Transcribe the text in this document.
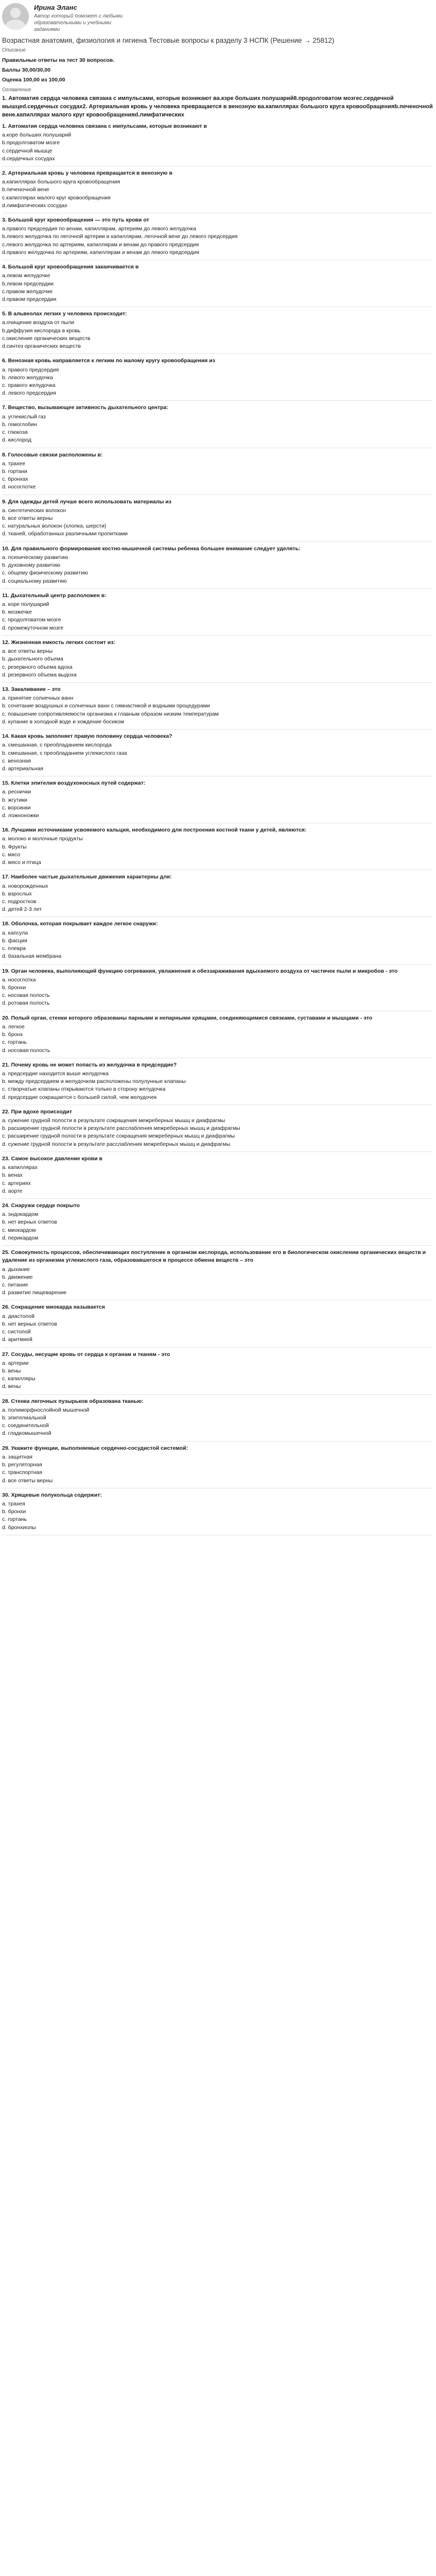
Ирина Эланс
Автор который поможет с любыми образовательными и учебными заданиями
Возрастная анатомия, физиология и гигиена Тестовые вопросы к разделу 3 НСПК (Решение → 25812)
Описание
Правильные ответы на тест 30 вопросов.
Баллы 30,00/30,00
Оценка 100,00 из 100,00
Оглавление
1. Автоматия сердца человека связана с импульсами, которые возникают ва.кзре больших полушарий8.продолговатом мозгеc.сердечной мышцеd.сердечных сосудах2. Артериальная кровь у человека превращается в венозную ва.капиллярах большого круга кровообращенияb.печеночной вене.капиллярах малого круг кровообращенияd.лимфатических
1. Автоматия сердца человека связана с импульсами, которые возникают в
a.коре больших полушарий
b.продолговатом мозге
c.сердечной мышце
d.сердечных сосудах
2. Артериальная кровь у человека превращается в венозную в
a.капиллярах большого круга кровообращения
b.печеночной вене
c.капиллярах малого круг кровообращения
d.лимфатических сосудах
3. Большой круг кровообращения — это путь крови от
a.правого предсердия по венам, капиллярам, артериям до левого желудочка
b.левого желудочка по легочной артерии и капиллярам, легочной вене до левого предсердия
c.левого желудочка по артериям, капиллярам и венам до правого предсердия
d.правого желудочка по артериям, капиллярам и венам до левого предсердия
4. Большой круг кровообращения заканчивается в
a.левом желудочке
b.левом предсердии
c.правом желудочке
d.правом предсердии
5. В альвеолах легких у человека происходит:
a.очищение воздуха от пыли
b.диффузия кислорода в кровь
c.окисление органических веществ
d.синтез органических веществ
6. Венозная кровь направляется к легким по малому кругу кровообращения из
a. правого предсердия
b. левого желудочка
c. правого желудочка
d. левого предсердия
7. Вещество, вызывающее активность дыхательного центра:
a. углекислый газ
b. гемоглобин
c. глюкоза
d. кислород
8. Голосовые связки расположены в:
a. трахее
b. гортани
c. бронхах
d. носоглотке
9. Для одежды детей лучше всего использовать материалы из
a. синтетических волокон
b. все ответы верны
c. натуральных волокон (хлопка, шерсти)
d. тканей, обработанных различными пропитками
10. Для правильного формирования костно-мышечной системы ребенка большее внимание следует уделять:
a. психическому развитию
b. духовному развитию
c. общему физическому развитию
d. социальному развитию
11. Дыхательный центр расположен в:
a. коре полушарий
b. мозжечке
c. продолговатом мозге
d. промежуточном мозге
12. Жизненная емкость легких состоит из:
a. все ответы верны
b. дыхательного объема
c. резервного объема вдоха
d. резервного объема выдоха
13. Закаливание – это
a. принятие солнечных ванн
b. сочетание воздушных и солнечных ванн с гимнастикой и водными процедурами
c. повышение сопротивляемости организма к главным образом низким температурам
d. купание в холодной воде и хождение босиком
14. Какая кровь заполняет правую половину сердца человека?
a. смешанная, с преобладанием кислорода
b. смешанная, с преобладанием углекислого газа
c. венозная
d. артериальная
15. Клетки эпителия воздухоносных путей содержат:
a. реснички
b. жгутики
c. ворсинки
d. ложноножки
16. Лучшими источниками усвояемого кальция, необходимого для построения костной ткани у детей, являются:
a. молоко и молочные продукты
b. Фрукты
c. мясо
d. мясо и птица
17. Наиболее частые дыхательные движения характерны для:
a. новорожденных
b. взрослых
c. подростков
d. детей 2-3 лет
18. Оболочка, которая покрывает каждое легкое снаружи:
a. капсула
b. фасция
c. плевра
d. базальная мембрана
19. Орган человека, выполняющий функцию согревания, увлажнения и обеззараживания вдыхаемого воздуха от частичек пыли и микробов - это
a. носоглотка
b. бронхи
c. носовая полость
d. ротовая полость
20. Полый орган, стенки которого образованы парными и непарными хрящами, соединяющимися связками, суставами и мышцами - это
a. легкое
b. бронх
c. гортань
d. носовая полость
21. Почему кровь не может попасть из желудочка в предсердие?
a. предсердие находится выше желудочка
b. между предсердием и желудочком расположены полулунные клапаны
c. створчатые клапаны открываются только в сторону желудочка
d. предсердие сокращается с большей силой, чем желудочек
22. При вдохе происходит
a. сужение грудной полости в результате сокращения межреберных мышц и диафрагмы
b. расширение грудной полости в результате расслабления межреберных мышц и диафрагмы
c. расширение грудной полости в результате сокращения межреберных мышц и диафрагмы
d. сужение грудной полости в результате расслабления межреберных мышц и диафрагмы
23. Самое высокое давление крови в
a. капиллярах
b. венах
c. артериях
d. аорте
24. Снаружи сердце покрыто
a. эндокардом
b. нет верных ответов
c. миокардом
d. перикардом
25. Совокупность процессов, обеспечивающих поступление в организм кислорода, использование его в биологическом окислении органических веществ и удаление из организма углекислого газа, образовавшегося в процессе обмена веществ – это
a. дыхание
b. движение
c. питание
d. развитие пищеварение
26. Сокращение миокарда называется
a. диастолой
b. нет верных ответов
c. систолой
d. аритмией
27. Сосуды, несущие кровь от сердца к органам и тканям - это
a. артерии
b. вены
c. капилляры
d. вены
28. Стенка легочных пузырьков образована тканью:
a. полиморфнослойной мышечной
b. эпителиальной
c. соединительной
d. гладкомышечной
29. Укажите функции, выполняемые сердечно-сосудистой системой:
a. защитная
b. регуляторная
c. транспортная
d. все ответы верны
30. Хрящевые полукольца содержит:
a. трахея
b. бронхи
c. гортань
d. бронхиолы
